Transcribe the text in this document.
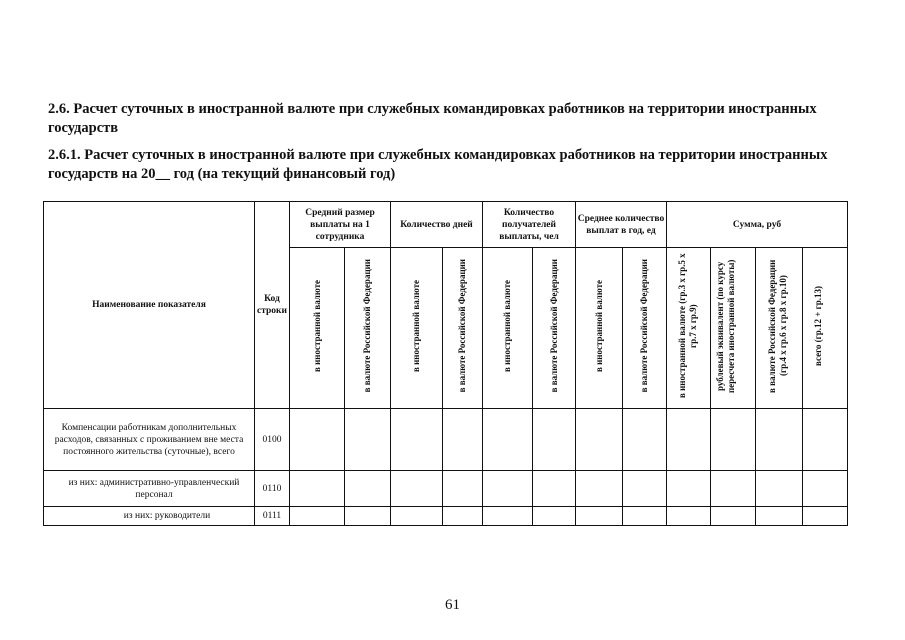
2.6. Расчет суточных в иностранной валюте при служебных командировках работников на территории иностранных государств

2.6.1. Расчет суточных в иностранной валюте при служебных командировках работников на территории иностранных государств на 20__ год (на текущий финансовый год)

Наименование показателя	Код строки	Средний размер выплаты на 1 сотрудника		Количество дней		Количество получателей выплаты, чел		Среднее количество выплат в год, ед		Сумма, руб			
		в иностранной валюте	в валюте Российской Федерации	в иностранной валюте	в валюте Российской Федерации	в иностранной валюте	в валюте Российской Федерации	в иностранной валюте	в валюте Российской Федерации	в иностранной валюте (гр.3 x гр.5 x гр.7 x гр.9)	рублевый эквивалент (по курсу пересчета иностранной валюты)	в валюте Российской Федерации (гр.4 x гр.6 x гр.8 x гр.10)	всего (гр.12 + гр.13)
Компенсации работникам дополнительных расходов, связанных с проживанием вне места постоянного жительства (суточные), всего	0100												
из них: административно-управленческий персонал	0110												
из них: руководители	0111												
61
